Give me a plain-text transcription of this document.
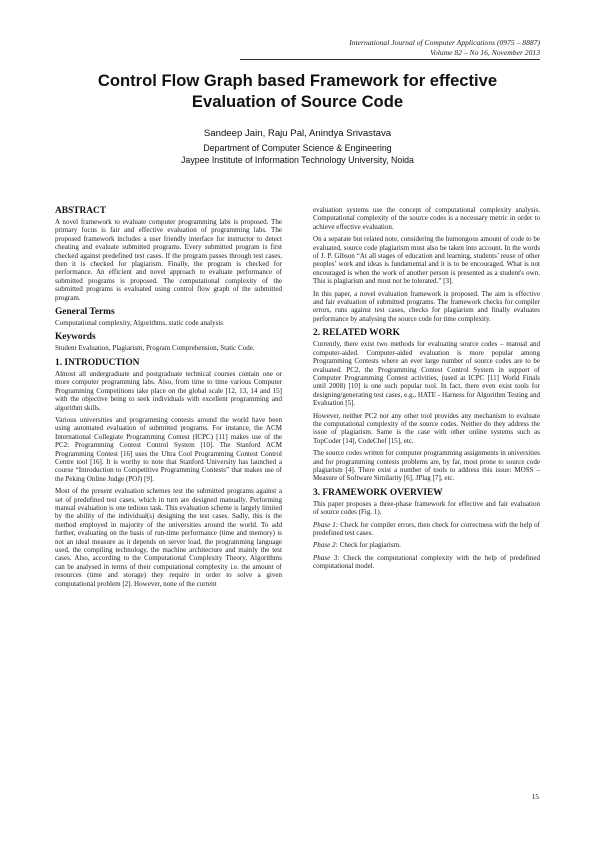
International Journal of Computer Applications (0975 – 8887)
Volume 82 – No 16, November 2013
Control Flow Graph based Framework for effective
Evaluation of Source Code
Sandeep Jain, Raju Pal, Anindya Srivastava
Department of Computer Science & Engineering
Jaypee Institute of Information Technology University, Noida
ABSTRACT

A novel framework to evaluate computer programming labs is proposed. The primary focus is fair and effective evaluation of programming labs. The proposed framework includes a user friendly interface for instructor to detect cheating and evaluate submitted programs. Every submitted program is first checked against predefined test cases. If the program passes through test cases, then it is checked for plagiarism. Finally, the program is checked for performance. An efficient and novel approach to evaluate performance of submitted programs is proposed. The computational complexity of the submitted programs is evaluated using control flow graph of the submitted program.

General Terms

Computational complexity, Algorithms, static code analysis

Keywords

Student Evaluation, Plagiarism, Program Comprehension, Static Code.

1. INTRODUCTION

Almost all undergraduate and postgraduate technical courses contain one or more computer programming labs. Also, from time to time various Computer Programming Competitions take place on the global scale [12, 13, 14 and 15] with the objective being to seek individuals with excellent programming and algorithm skills.

Various universities and programming contests around the world have been using automated evaluation of submitted programs. For instance, the ACM International Collegiate Programming Contest (ICPC) [11] makes use of the PC2: Programming Contest Control System [10]. The Stanford ACM Programming Contest [16] uses the Ultra Cool Programming Contest Control Centre tool [16]. It is worthy to note that Stanford University has launched a course “Introduction to Competitive Programming Contests” that makes use of the Peking Online Judge (POJ) [9].

Most of the present evaluation schemes test the submitted programs against a set of predefined test cases, which in turn are designed manually. Performing manual evaluation is one tedious task. This evaluation scheme is largely limited by the ability of the individual(s) designing the test cases. Sadly, this is the method employed in majority of the universities around the world. To add further, evaluating on the basis of run-time performance (time and memory) is not an ideal measure as it depends on server load, the programming language used, the compiling technology, the machine architecture and mainly the test cases. Also, according to the Computational Complexity Theory, Algorithms can be analysed in terms of their computational complexity i.e. the amount of resources (time and storage) they require in order to solve a given computational problem [2]. However, none of the current

evaluation systems use the concept of computational complexity analysis. Computational complexity of the source codes is a necessary metric in order to achieve effective evaluation.

On a separate but related note, considering the humongous amount of code to be evaluated, source code plagiarism must also be taken into account. In the words of J. P. Gibson “At all stages of education and learning, students’ reuse of other peoples’ work and ideas is fundamental and it is to be encouraged. What is not encouraged is when the work of another person is presented as a student's own. This is plagiarism and must not be tolerated.” [3].

In this paper, a novel evaluation framework is proposed. The aim is effective and fair evaluation of submitted programs. The framework checks for compiler errors, runs against test cases, checks for plagiarism and finally evaluates performance by analysing the source code for time complexity.

2. RELATED WORK

Currently, there exist two methods for evaluating source codes – manual and computer-aided. Computer-aided evaluation is more popular among Programming Contests where an ever large number of source codes are to be evaluated. PC2, the Programming Contest Control System in support of Computer Programming Contest activities, (used at ICPC [11] World Finals until 2008) [10] is one such popular tool. In fact, there even exist tools for designing/generating test cases, e.g., HATE - Harness for Algorithm Testing and Evaluation [5].

However, neither PC2 nor any other tool provides any mechanism to evaluate the computational complexity of the source codes. Neither do they address the issue of plagiarism. Same is the case with other online systems such as TopCoder [14], CodeChef [15], etc.

The source codes written for computer programming assignments in universities and for programming contests problems are, by far, most prone to source code plagiarism [4]. There exist a number of tools to address this issue: MOSS – Measure of Software Similarity [6], JPlag [7], etc.

3. FRAMEWORK OVERVIEW

This paper proposes a three-phase framework for effective and fair evaluation of source codes (Fig. 1).

Phase 1: Check for compiler errors, then check for correctness with the help of predefined test cases.

Phase 2: Check for plagiarism.

Phase 3: Check the computational complexity with the help of predefined computational model.

15
